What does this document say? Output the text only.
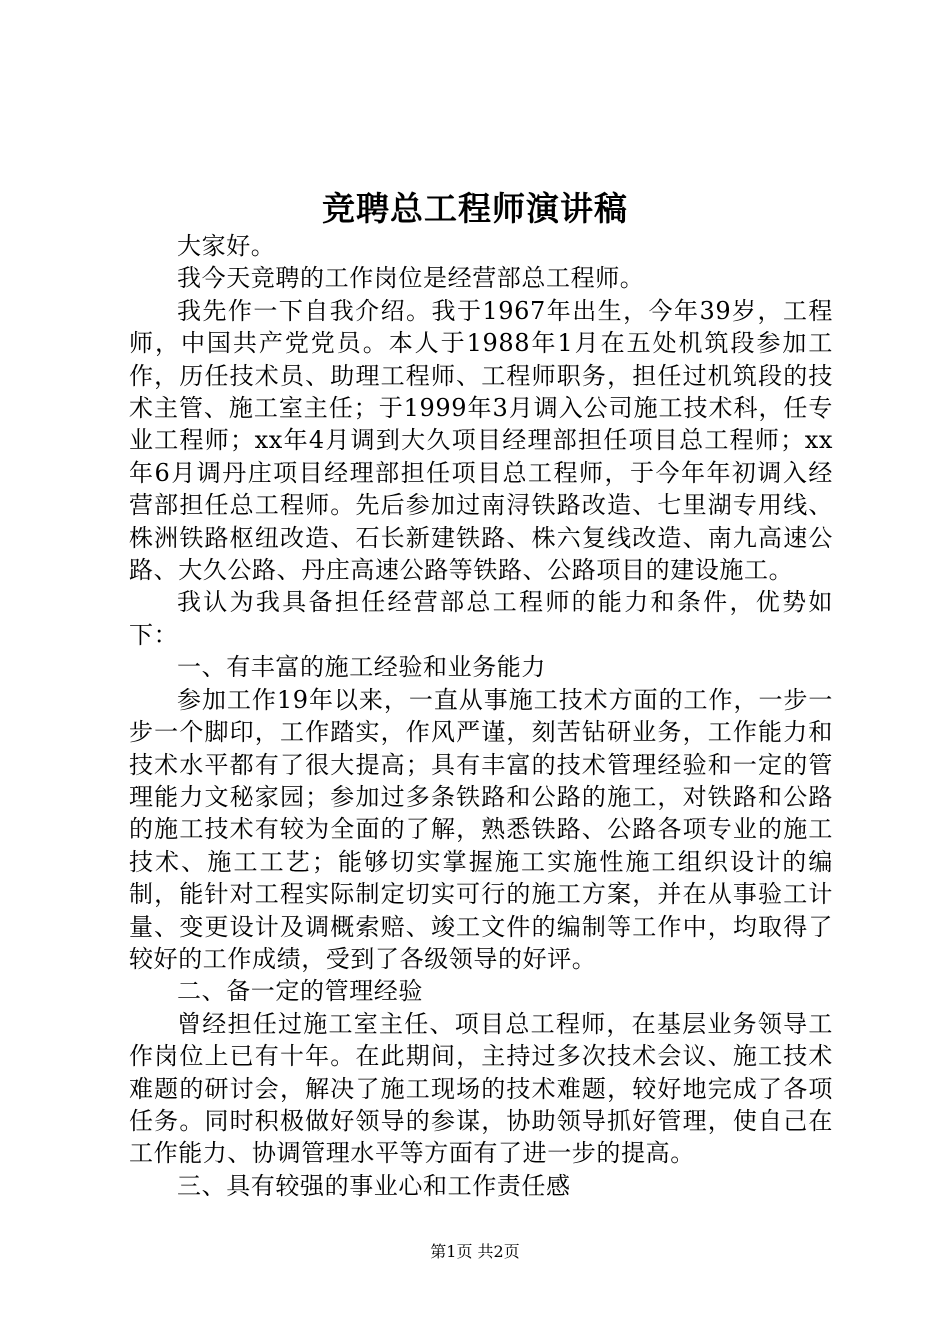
竞聘总工程师演讲稿

大家好。

我今天竞聘的工作岗位是经营部总工程师。

我先作一下自我介绍。我于1967年出生，今年39岁，工程师，中国共产党党员。本人于1988年1月在五处机筑段参加工作，历任技术员、助理工程师、工程师职务，担任过机筑段的技术主管、施工室主任；于1999年3月调入公司施工技术科，任专业工程师；xx年4月调到大久项目经理部担任项目总工程师；xx年6月调丹庄项目经理部担任项目总工程师，于今年年初调入经营部担任总工程师。先后参加过南浔铁路改造、七里湖专用线、株洲铁路枢纽改造、石长新建铁路、株六复线改造、南九高速公路、大久公路、丹庄高速公路等铁路、公路项目的建设施工。

我认为我具备担任经营部总工程师的能力和条件，优势如下：

一、有丰富的施工经验和业务能力

参加工作19年以来，一直从事施工技术方面的工作，一步一步一个脚印，工作踏实，作风严谨，刻苦钻研业务，工作能力和技术水平都有了很大提高；具有丰富的技术管理经验和一定的管理能力文秘家园；参加过多条铁路和公路的施工，对铁路和公路的施工技术有较为全面的了解，熟悉铁路、公路各项专业的施工技术、施工工艺；能够切实掌握施工实施性施工组织设计的编制，能针对工程实际制定切实可行的施工方案，并在从事验工计量、变更设计及调概索赔、竣工文件的编制等工作中，均取得了较好的工作成绩，受到了各级领导的好评。

二、备一定的管理经验

曾经担任过施工室主任、项目总工程师，在基层业务领导工作岗位上已有十年。在此期间，主持过多次技术会议、施工技术难题的研讨会，解决了施工现场的技术难题，较好地完成了各项任务。同时积极做好领导的参谋，协助领导抓好管理，使自己在工作能力、协调管理水平等方面有了进一步的提高。

三、具有较强的事业心和工作责任感

第1页 共2页
